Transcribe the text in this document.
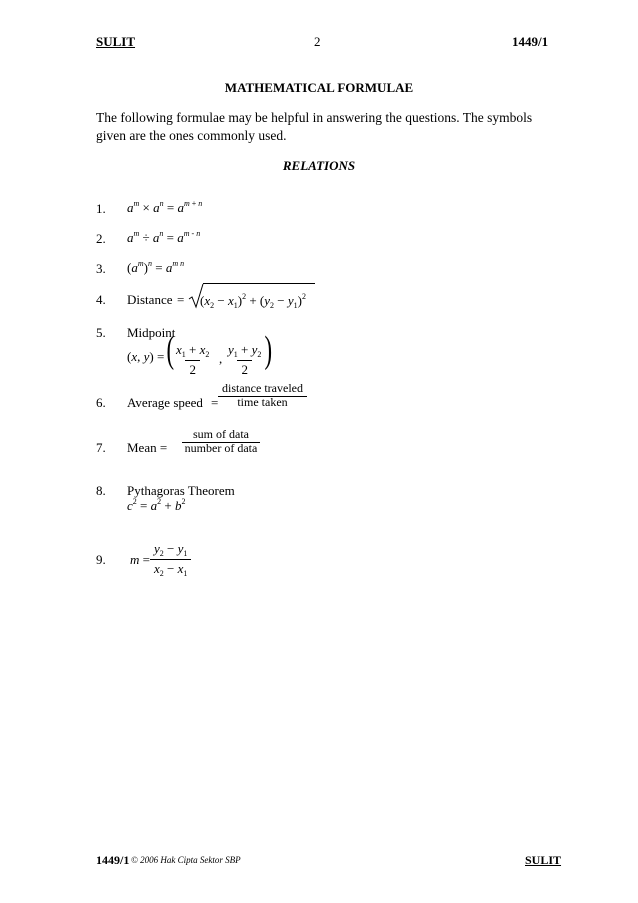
SULIT	2	1449/1
MATHEMATICAL FORMULAE
The following formulae may be helpful in answering the questions. The symbols given are the ones commonly used.
RELATIONS
1. $a^m \times a^n = a^{m + n}$
2. $a^m \div a^n = a^{m - n}$
3. $(a^m)^n = a^{m n}$
4. Distance = $(x_2 - x_1)^2 + (y_2 - y_1)^2$
5. Midpoint
(x, y) = (
$\frac{x_1 + x_2}{2}$ , $\frac{y_1 + y_2}{2}$ )
6. Average speed =
distance traveled
time taken
7. Mean =
sum of data
number of data
8. Pythagoras Theorem
$c^2 = a^2 + b^2$
9. $m = \frac{y_2 - y_1}{x_2 - x_1}$
1449/1 © 2006 Hak Cipta Sektor SBP	SULIT
